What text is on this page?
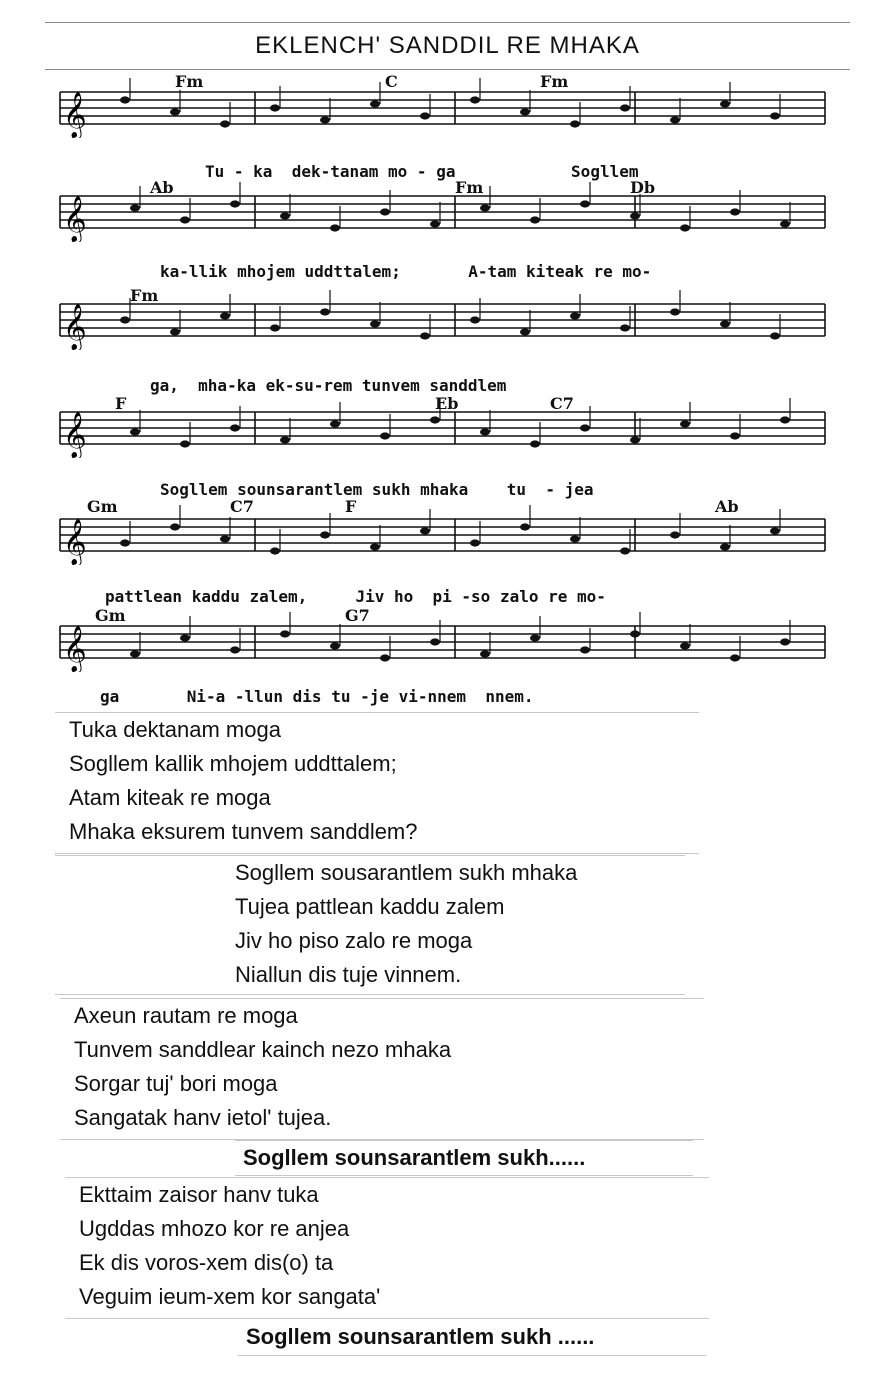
EKLENCH' SANDDIL RE MHAKA
𝄞
Fm	C	Fm
Tu - ka  dek-tanam mo - ga            Sogllem
𝄞
Ab	Fm	Db
ka-llik mhojem uddttalem;       A-tam kiteak re mo-
𝄞
Fm
ga,  mha-ka ek-su-rem tunvem sanddlem
𝄞
F	Eb	C7
Sogllem sounsarantlem sukh mhaka    tu  - jea
𝄞
Gm	C7	F	Ab
pattlean kaddu zalem,     Jiv ho  pi -so zalo re mo-
𝄞
Gm	G7
ga       Ni-a -llun dis tu -je vi-nnem  nnem.
Tuka dektanam moga
Sogllem kallik mhojem uddttalem;
Atam kiteak re moga
Mhaka eksurem tunvem sanddlem?
Sogllem sousarantlem sukh mhaka
Tujea pattlean kaddu zalem
Jiv ho piso zalo re moga
Niallun dis tuje vinnem.
Axeun rautam re moga
Tunvem sanddlear kainch nezo mhaka
Sorgar tuj' bori moga
Sangatak hanv ietol' tujea.
Sogllem sounsarantlem sukh......
Ekttaim zaisor hanv tuka
Ugddas mhozo kor re anjea
Ek dis voros-xem dis(o) ta
Veguim ieum-xem kor sangata'
Sogllem sounsarantlem sukh ......
